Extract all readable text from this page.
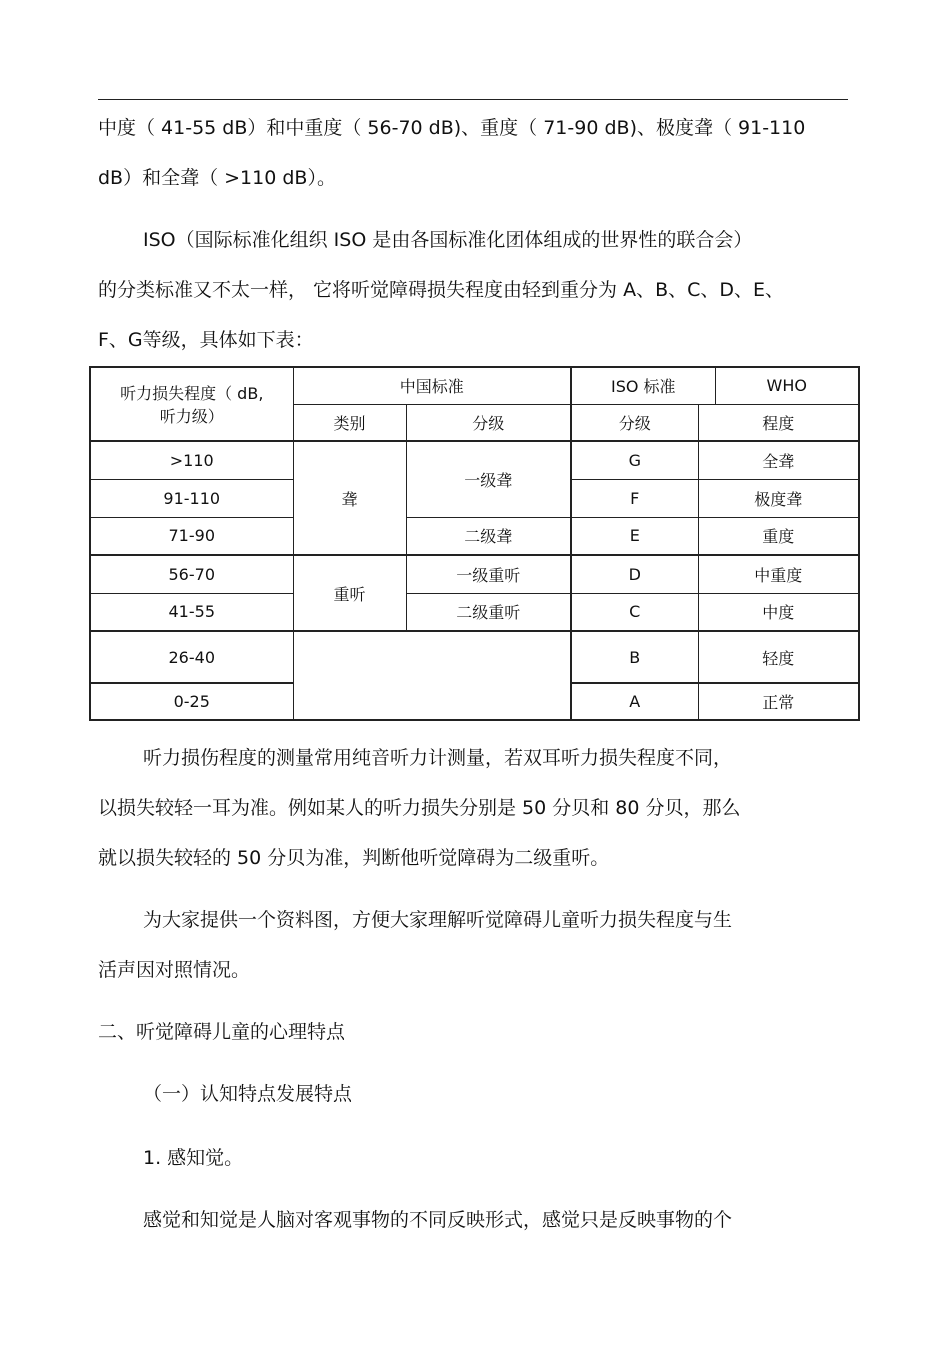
中度（ 41-55 dB）和中重度（ 56-70 dB)、重度（ 71-90 dB)、极度聋（ 91-110
dB）和全聋（ >110 dB）。
ISO（国际标准化组织 ISO 是由各国标准化团体组成的世界性的联合会）
的分类标准又不太一样， 它将听觉障碍损失程度由轻到重分为 A、B、C、D、E、
F、G等级，具体如下表：
听力损失程度（ dB,
听力级）	中国标准		ISO 标准		WHO
	类别	分级	分级	程度	
>110	聋	一级聋	G	全聋	
91-110			F	极度聋	
71-90		二级聋	E	重度	
56-70	重听	一级重听	D	中重度	
41-55		二级重听	C	中度	
26-40			B	轻度	
0-25			A	正常	
听力损伤程度的测量常用纯音听力计测量，若双耳听力损失程度不同，
以损失较轻一耳为准。例如某人的听力损失分别是 50 分贝和 80 分贝，那么
就以损失较轻的 50 分贝为准，判断他听觉障碍为二级重听。
为大家提供一个资料图，方便大家理解听觉障碍儿童听力损失程度与生
活声因对照情况。
二、听觉障碍儿童的心理特点
（一）认知特点发展特点
1. 感知觉。
感觉和知觉是人脑对客观事物的不同反映形式，感觉只是反映事物的个
